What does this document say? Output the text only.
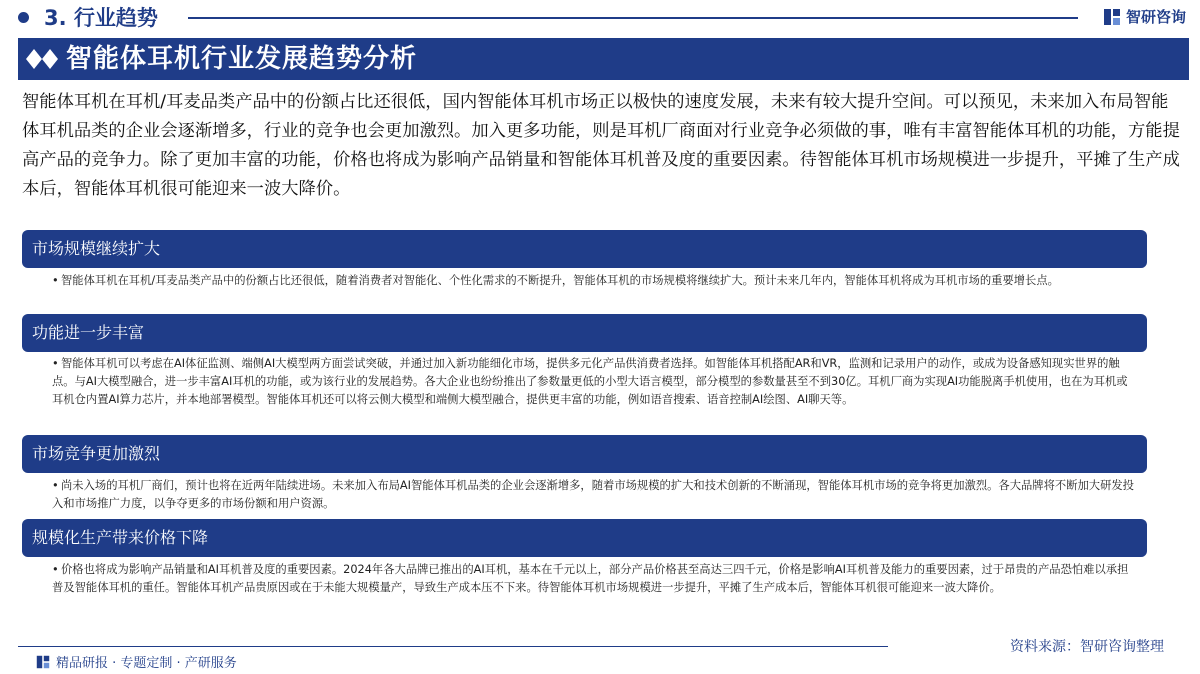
3. 行业趋势	智研咨询
智能体耳机行业发展趋势分析
智能体耳机在耳机/耳麦品类产品中的份额占比还很低，国内智能体耳机市场正以极快的速度发展，未来有较大提升空间。可以预见，未来加入布局智能体耳机品类的企业会逐渐增多，行业的竞争也会更加激烈。加入更多功能，则是耳机厂商面对行业竞争必须做的事，唯有丰富智能体耳机的功能，方能提高产品的竞争力。除了更加丰富的功能，价格也将成为影响产品销量和智能体耳机普及度的重要因素。待智能体耳机市场规模进一步提升，平摊了生产成本后，智能体耳机很可能迎来一波大降价。
市场规模继续扩大
• 智能体耳机在耳机/耳麦品类产品中的份额占比还很低，随着消费者对智能化、个性化需求的不断提升，智能体耳机的市场规模将继续扩大。预计未来几年内，智能体耳机将成为耳机市场的重要增长点。
功能进一步丰富
• 智能体耳机可以考虑在AI体征监测、端侧AI大模型两方面尝试突破，并通过加入新功能细化市场，提供多元化产品供消费者选择。如智能体耳机搭配AR和VR，监测和记录用户的动作，或成为设备感知现实世界的触点。与AI大模型融合，进一步丰富AI耳机的功能，或为该行业的发展趋势。各大企业也纷纷推出了参数量更低的小型大语言模型，部分模型的参数量甚至不到30亿。耳机厂商为实现AI功能脱离手机使用，也在为耳机或耳机仓内置AI算力芯片，并本地部署模型。智能体耳机还可以将云侧大模型和端侧大模型融合，提供更丰富的功能，例如语音搜索、语音控制AI绘图、AI聊天等。
市场竞争更加激烈
• 尚未入场的耳机厂商们，预计也将在近两年陆续进场。未来加入布局AI智能体耳机品类的企业会逐渐增多，随着市场规模的扩大和技术创新的不断涌现，智能体耳机市场的竞争将更加激烈。各大品牌将不断加大研发投入和市场推广力度，以争夺更多的市场份额和用户资源。
规模化生产带来价格下降
• 价格也将成为影响产品销量和AI耳机普及度的重要因素。2024年各大品牌已推出的AI耳机，基本在千元以上，部分产品价格甚至高达三四千元，价格是影响AI耳机普及能力的重要因素，过于昂贵的产品恐怕难以承担普及智能体耳机的重任。智能体耳机产品贵原因或在于未能大规模量产，导致生产成本压不下来。待智能体耳机市场规模进一步提升，平摊了生产成本后，智能体耳机很可能迎来一波大降价。
资料来源：智研咨询整理
精品研报 · 专题定制 · 产研服务
